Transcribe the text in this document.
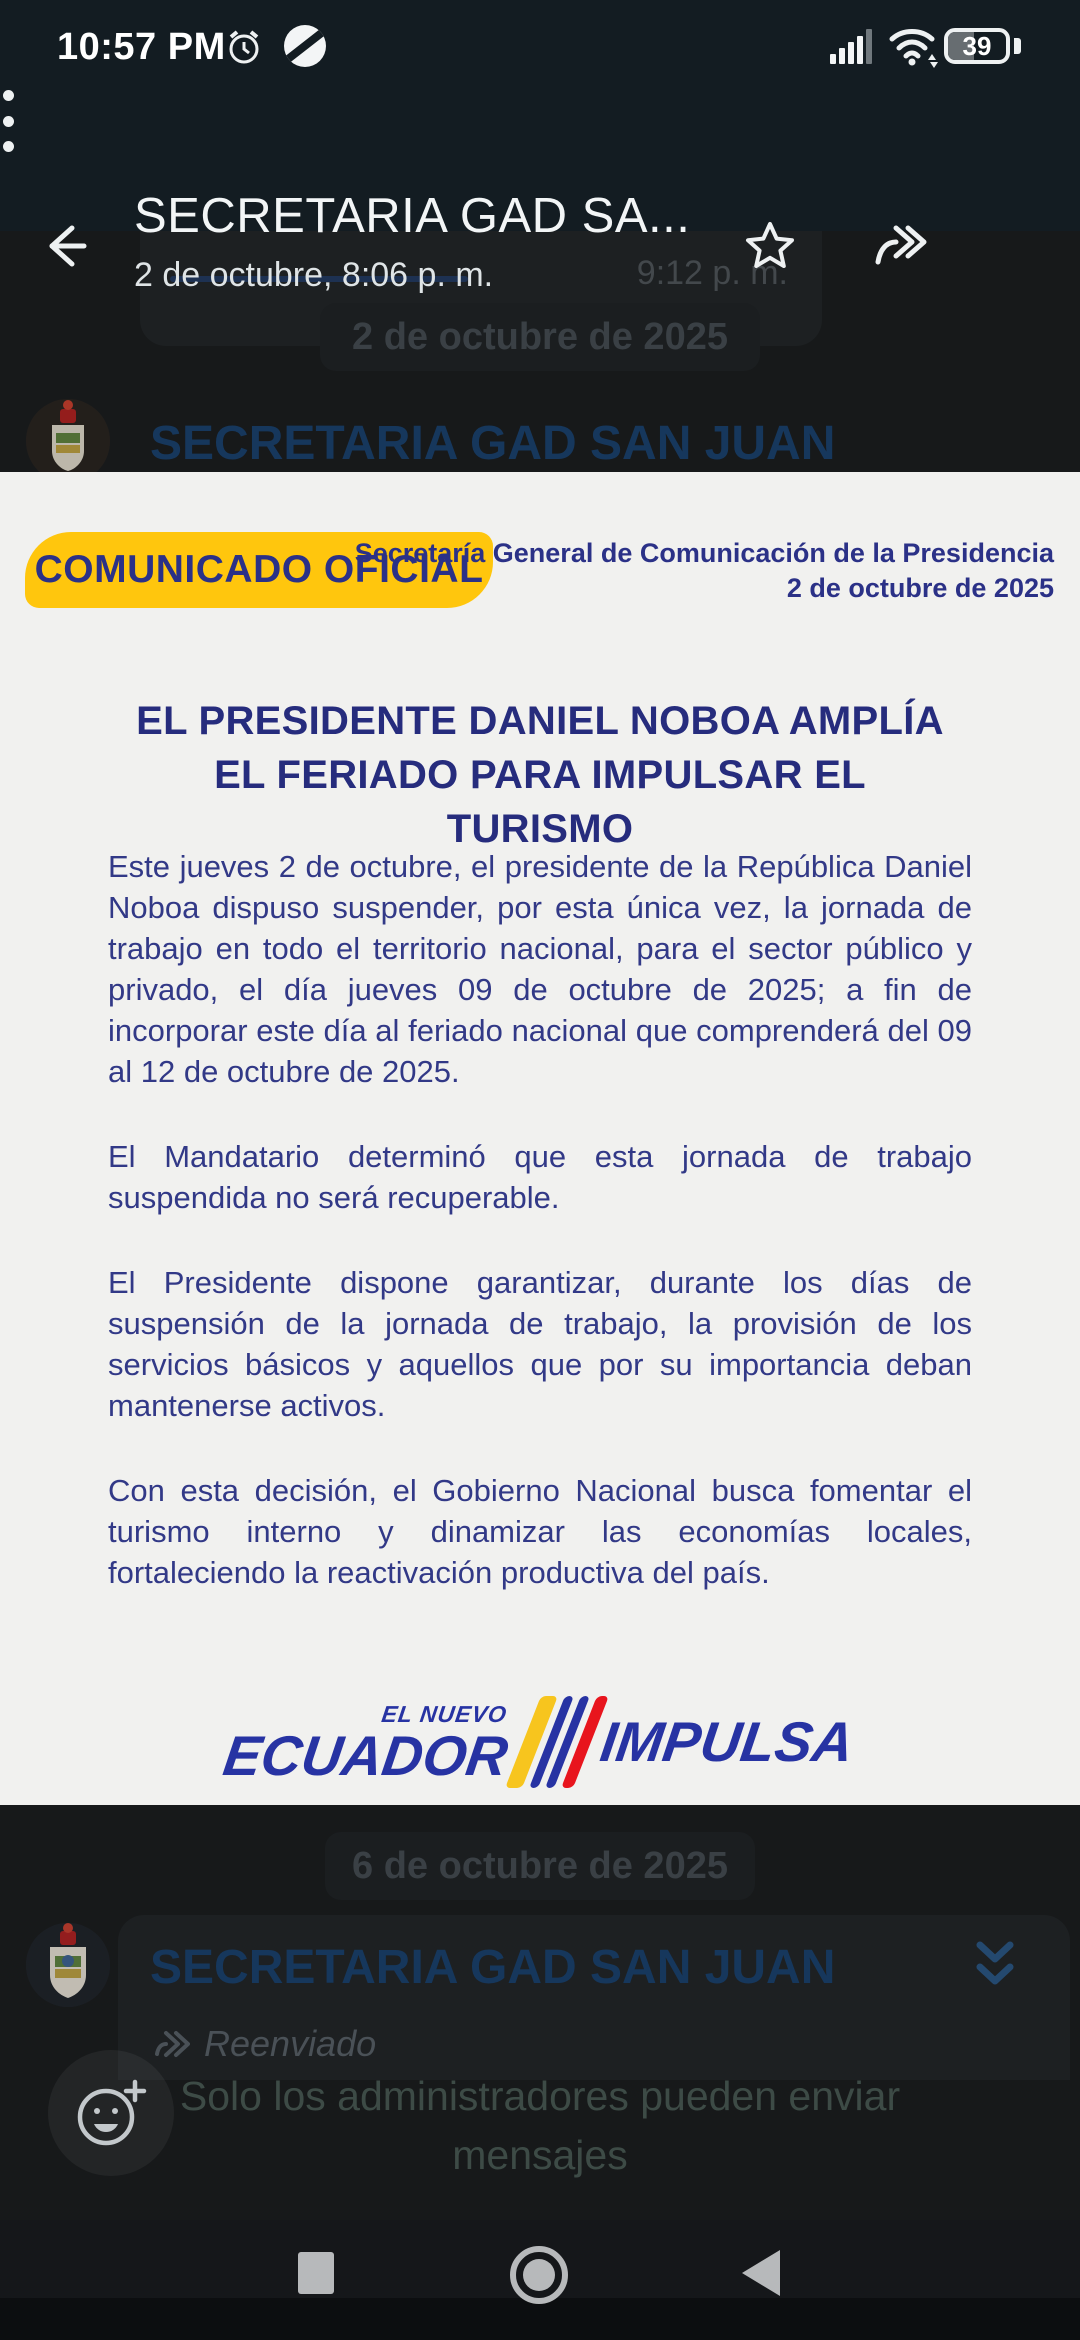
10:57 PM	39
SECRETARIA GAD SA...
2 de octubre, 8:06 p. m.	9:12 p. m.
2 de octubre de 2025
SECRETARIA GAD SAN JUAN
COMUNICADO OFICIAL
Secretaría General de Comunicación de la Presidencia
2 de octubre de 2025
EL PRESIDENTE DANIEL NOBOA AMPLÍA EL FERIADO PARA IMPULSAR EL TURISMO

Este jueves 2 de octubre, el presidente de la República Daniel Noboa dispuso suspender, por esta única vez, la jornada de trabajo en todo el territorio nacional, para el sector público y privado, el día jueves 09 de octubre de 2025; a fin de incorporar este día al feriado nacional que comprenderá del 09 al 12 de octubre de 2025.

El Mandatario determinó que esta jornada de trabajo suspendida no será recuperable.

El Presidente dispone garantizar, durante los días de suspensión de la jornada de trabajo, la provisión de los servicios básicos y aquellos que por su importancia deban mantenerse activos.

Con esta decisión, el Gobierno Nacional busca fomentar el turismo interno y dinamizar las economías locales, fortaleciendo la reactivación productiva del país.

EL NUEVO
ECUADOR IMPULSA
6 de octubre de 2025
SECRETARIA GAD SAN JUAN
Reenviado
Solo los administradores pueden enviar mensajes
